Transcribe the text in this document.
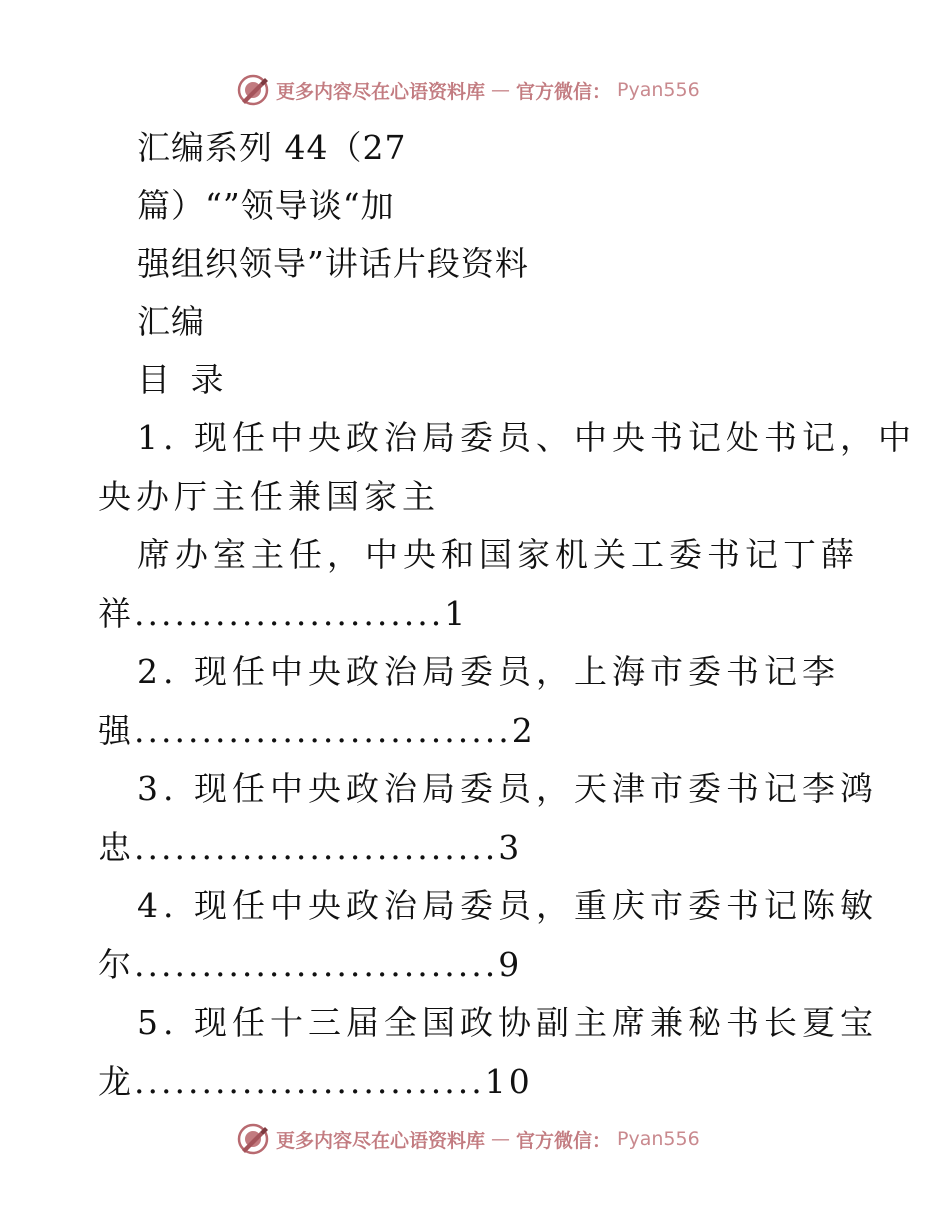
更多内容尽在心语资料库 — 官方微信： Pyan556
汇编系列 44（27
篇）“”领导谈“加
强组织领导”讲话片段资料
汇编
目 录
1. 现任中央政治局委员、中央书记处书记，中
央办厅主任兼国家主
席办室主任，中央和国家机关工委书记丁薛
祥.......................1
2. 现任中央政治局委员，上海市委书记李
强............................2
3. 现任中央政治局委员，天津市委书记李鸿
忠...........................3
4. 现任中央政治局委员，重庆市委书记陈敏
尔...........................9
5. 现任十三届全国政协副主席兼秘书长夏宝
龙..........................10
更多内容尽在心语资料库 — 官方微信： Pyan556
